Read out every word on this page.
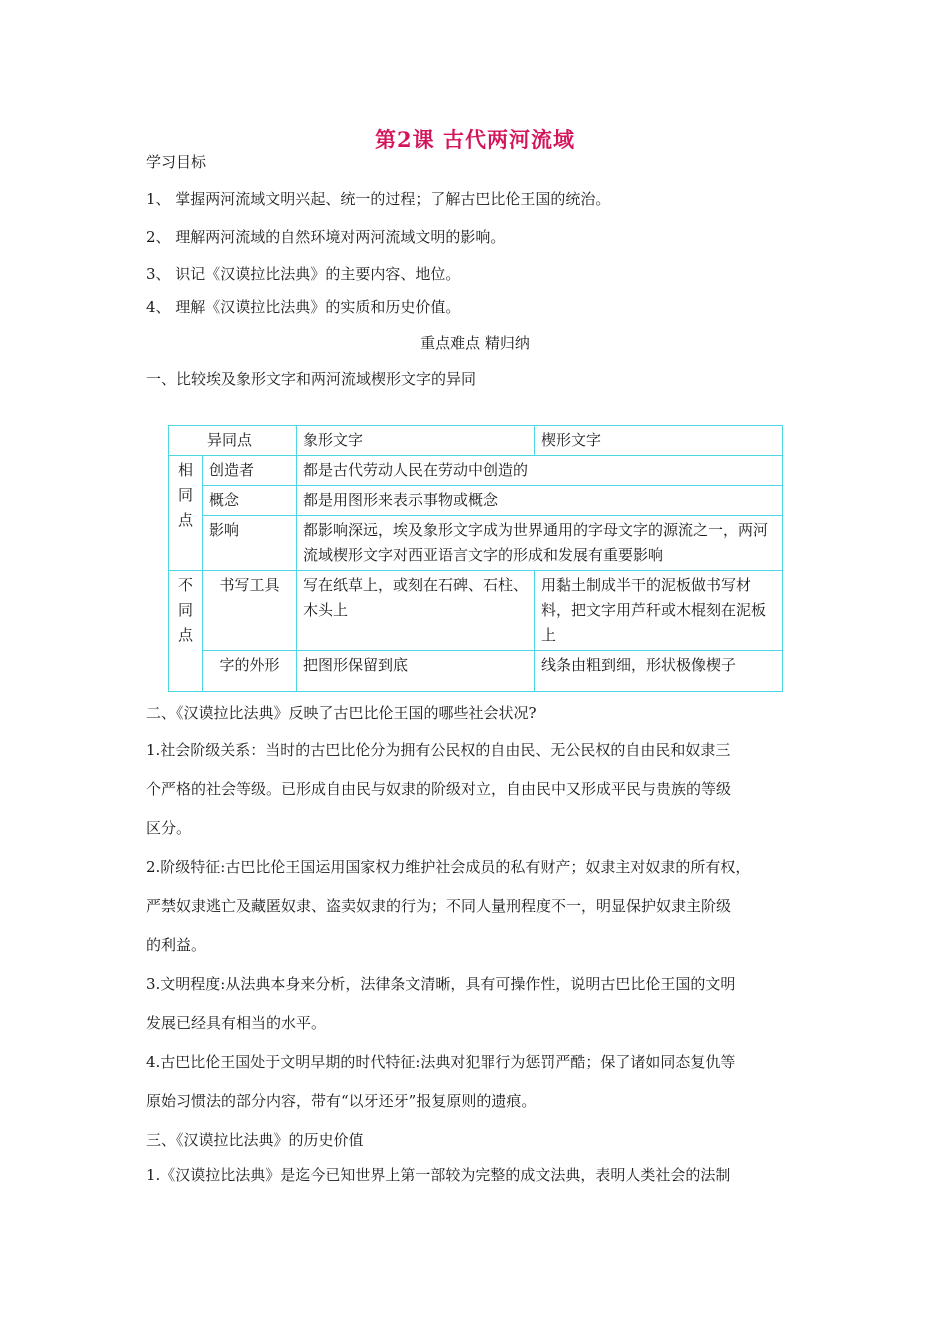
第2课 古代两河流域
学习目标
1、 掌握两河流域文明兴起、统一的过程；了解古巴比伦王国的统治。
2、 理解两河流域的自然环境对两河流域文明的影响。
3、 识记《汉谟拉比法典》的主要内容、地位。
4、 理解《汉谟拉比法典》的实质和历史价值。
重点难点 精归纳
一、比较埃及象形文字和两河流域楔形文字的异同
异同点		象形文字	楔形文字

相
同
点	创造者	都是古代劳动人民在劳动中创造的	
	概念	都是用图形来表示事物或概念	
	影响	都影响深远，埃及象形文字成为世界通用的字母文字的源流之一，两河流域楔形文字对西亚语言文字的形成和发展有重要影响	

不
同
点	书写工具	写在纸草上，或刻在石碑、石柱、木头上	用黏土制成半干的泥板做书写材料，把文字用芦秆或木棍刻在泥板上
	字的外形	把图形保留到底	线条由粗到细，形状极像楔子
二、《汉谟拉比法典》反映了古巴比伦王国的哪些社会状况?
1.社会阶级关系：当时的古巴比伦分为拥有公民权的自由民、无公民权的自由民和奴隶三
个严格的社会等级。已形成自由民与奴隶的阶级对立，自由民中又形成平民与贵族的等级
区分。
2.阶级特征:古巴比伦王国运用国家权力维护社会成员的私有财产；奴隶主对奴隶的所有权，
严禁奴隶逃亡及藏匿奴隶、盗卖奴隶的行为；不同人量刑程度不一，明显保护奴隶主阶级
的利益。
3.文明程度:从法典本身来分析，法律条文清晰，具有可操作性，说明古巴比伦王国的文明
发展已经具有相当的水平。
4.古巴比伦王国处于文明早期的时代特征:法典对犯罪行为惩罚严酷；保了诸如同态复仇等
原始习惯法的部分内容，带有“以牙还牙”报复原则的遗痕。
三、《汉谟拉比法典》的历史价值
1.《汉谟拉比法典》是迄今已知世界上第一部较为完整的成文法典，表明人类社会的法制
